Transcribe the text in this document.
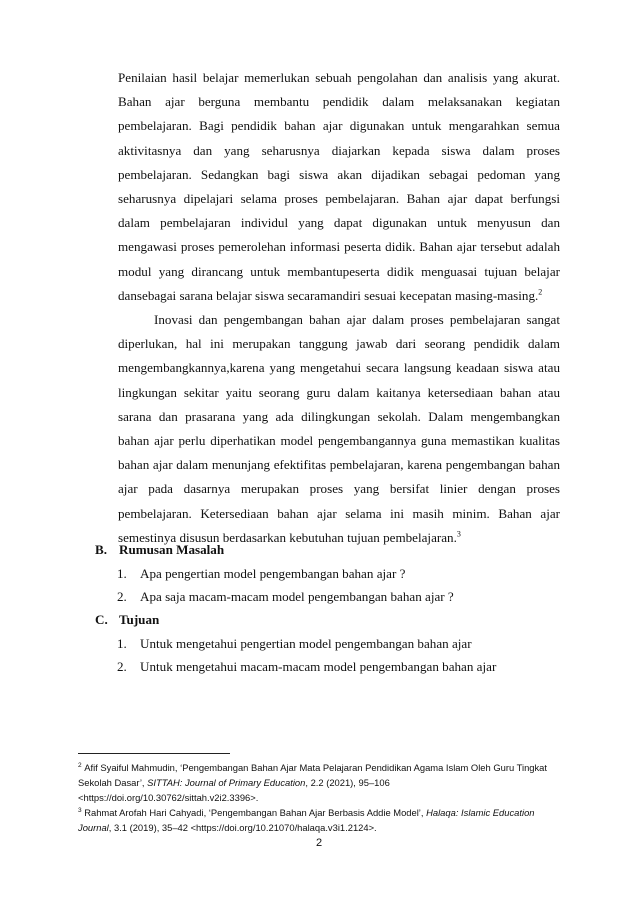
Penilaian hasil belajar memerlukan sebuah pengolahan dan analisis yang akurat. Bahan ajar berguna membantu pendidik dalam melaksanakan kegiatan pembelajaran. Bagi pendidik bahan ajar digunakan untuk mengarahkan semua aktivitasnya dan yang seharusnya diajarkan kepada siswa dalam proses pembelajaran. Sedangkan bagi siswa akan dijadikan sebagai pedoman yang seharusnya dipelajari selama proses pembelajaran. Bahan ajar dapat berfungsi dalam pembelajaran individul yang dapat digunakan untuk menyusun dan mengawasi proses pemerolehan informasi peserta didik. Bahan ajar tersebut adalah modul yang dirancang untuk membantupeserta didik menguasai tujuan belajar dansebagai sarana belajar siswa secaramandiri sesuai kecepatan masing-masing.$^2$

Inovasi dan pengembangan bahan ajar dalam proses pembelajaran sangat diperlukan, hal ini merupakan tanggung jawab dari seorang pendidik dalam mengembangkannya,karena yang mengetahui secara langsung keadaan siswa atau lingkungan sekitar yaitu seorang guru dalam kaitanya ketersediaan bahan atau sarana dan prasarana yang ada dilingkungan sekolah. Dalam mengembangkan bahan ajar perlu diperhatikan model pengembangannya guna memastikan kualitas bahan ajar dalam menunjang efektifitas pembelajaran, karena pengembangan bahan ajar pada dasarnya merupakan proses yang bersifat linier dengan proses pembelajaran. Ketersediaan bahan ajar selama ini masih minim. Bahan ajar semestinya disusun berdasarkan kebutuhan tujuan pembelajaran.$^3$

B. Rumusan Masalah

1. Apa pengertian model pengembangan bahan ajar ?
2. Apa saja macam-macam model pengembangan bahan ajar ?

C. Tujuan

1. Untuk mengetahui pengertian model pengembangan bahan ajar
2. Untuk mengetahui macam-macam model pengembangan bahan ajar

$^2$ Afif Syaiful Mahmudin, ‘Pengembangan Bahan Ajar Mata Pelajaran Pendidikan Agama Islam Oleh Guru Tingkat Sekolah Dasar’, SITTAH: Journal of Primary Education, 2.2 (2021), 95–106 <https://doi.org/10.30762/sittah.v2i2.3396>.

$^3$ Rahmat Arofah Hari Cahyadi, ‘Pengembangan Bahan Ajar Berbasis Addie Model’, Halaqa: Islamic Education Journal, 3.1 (2019), 35–42 <https://doi.org/10.21070/halaqa.v3i1.2124>.

2
